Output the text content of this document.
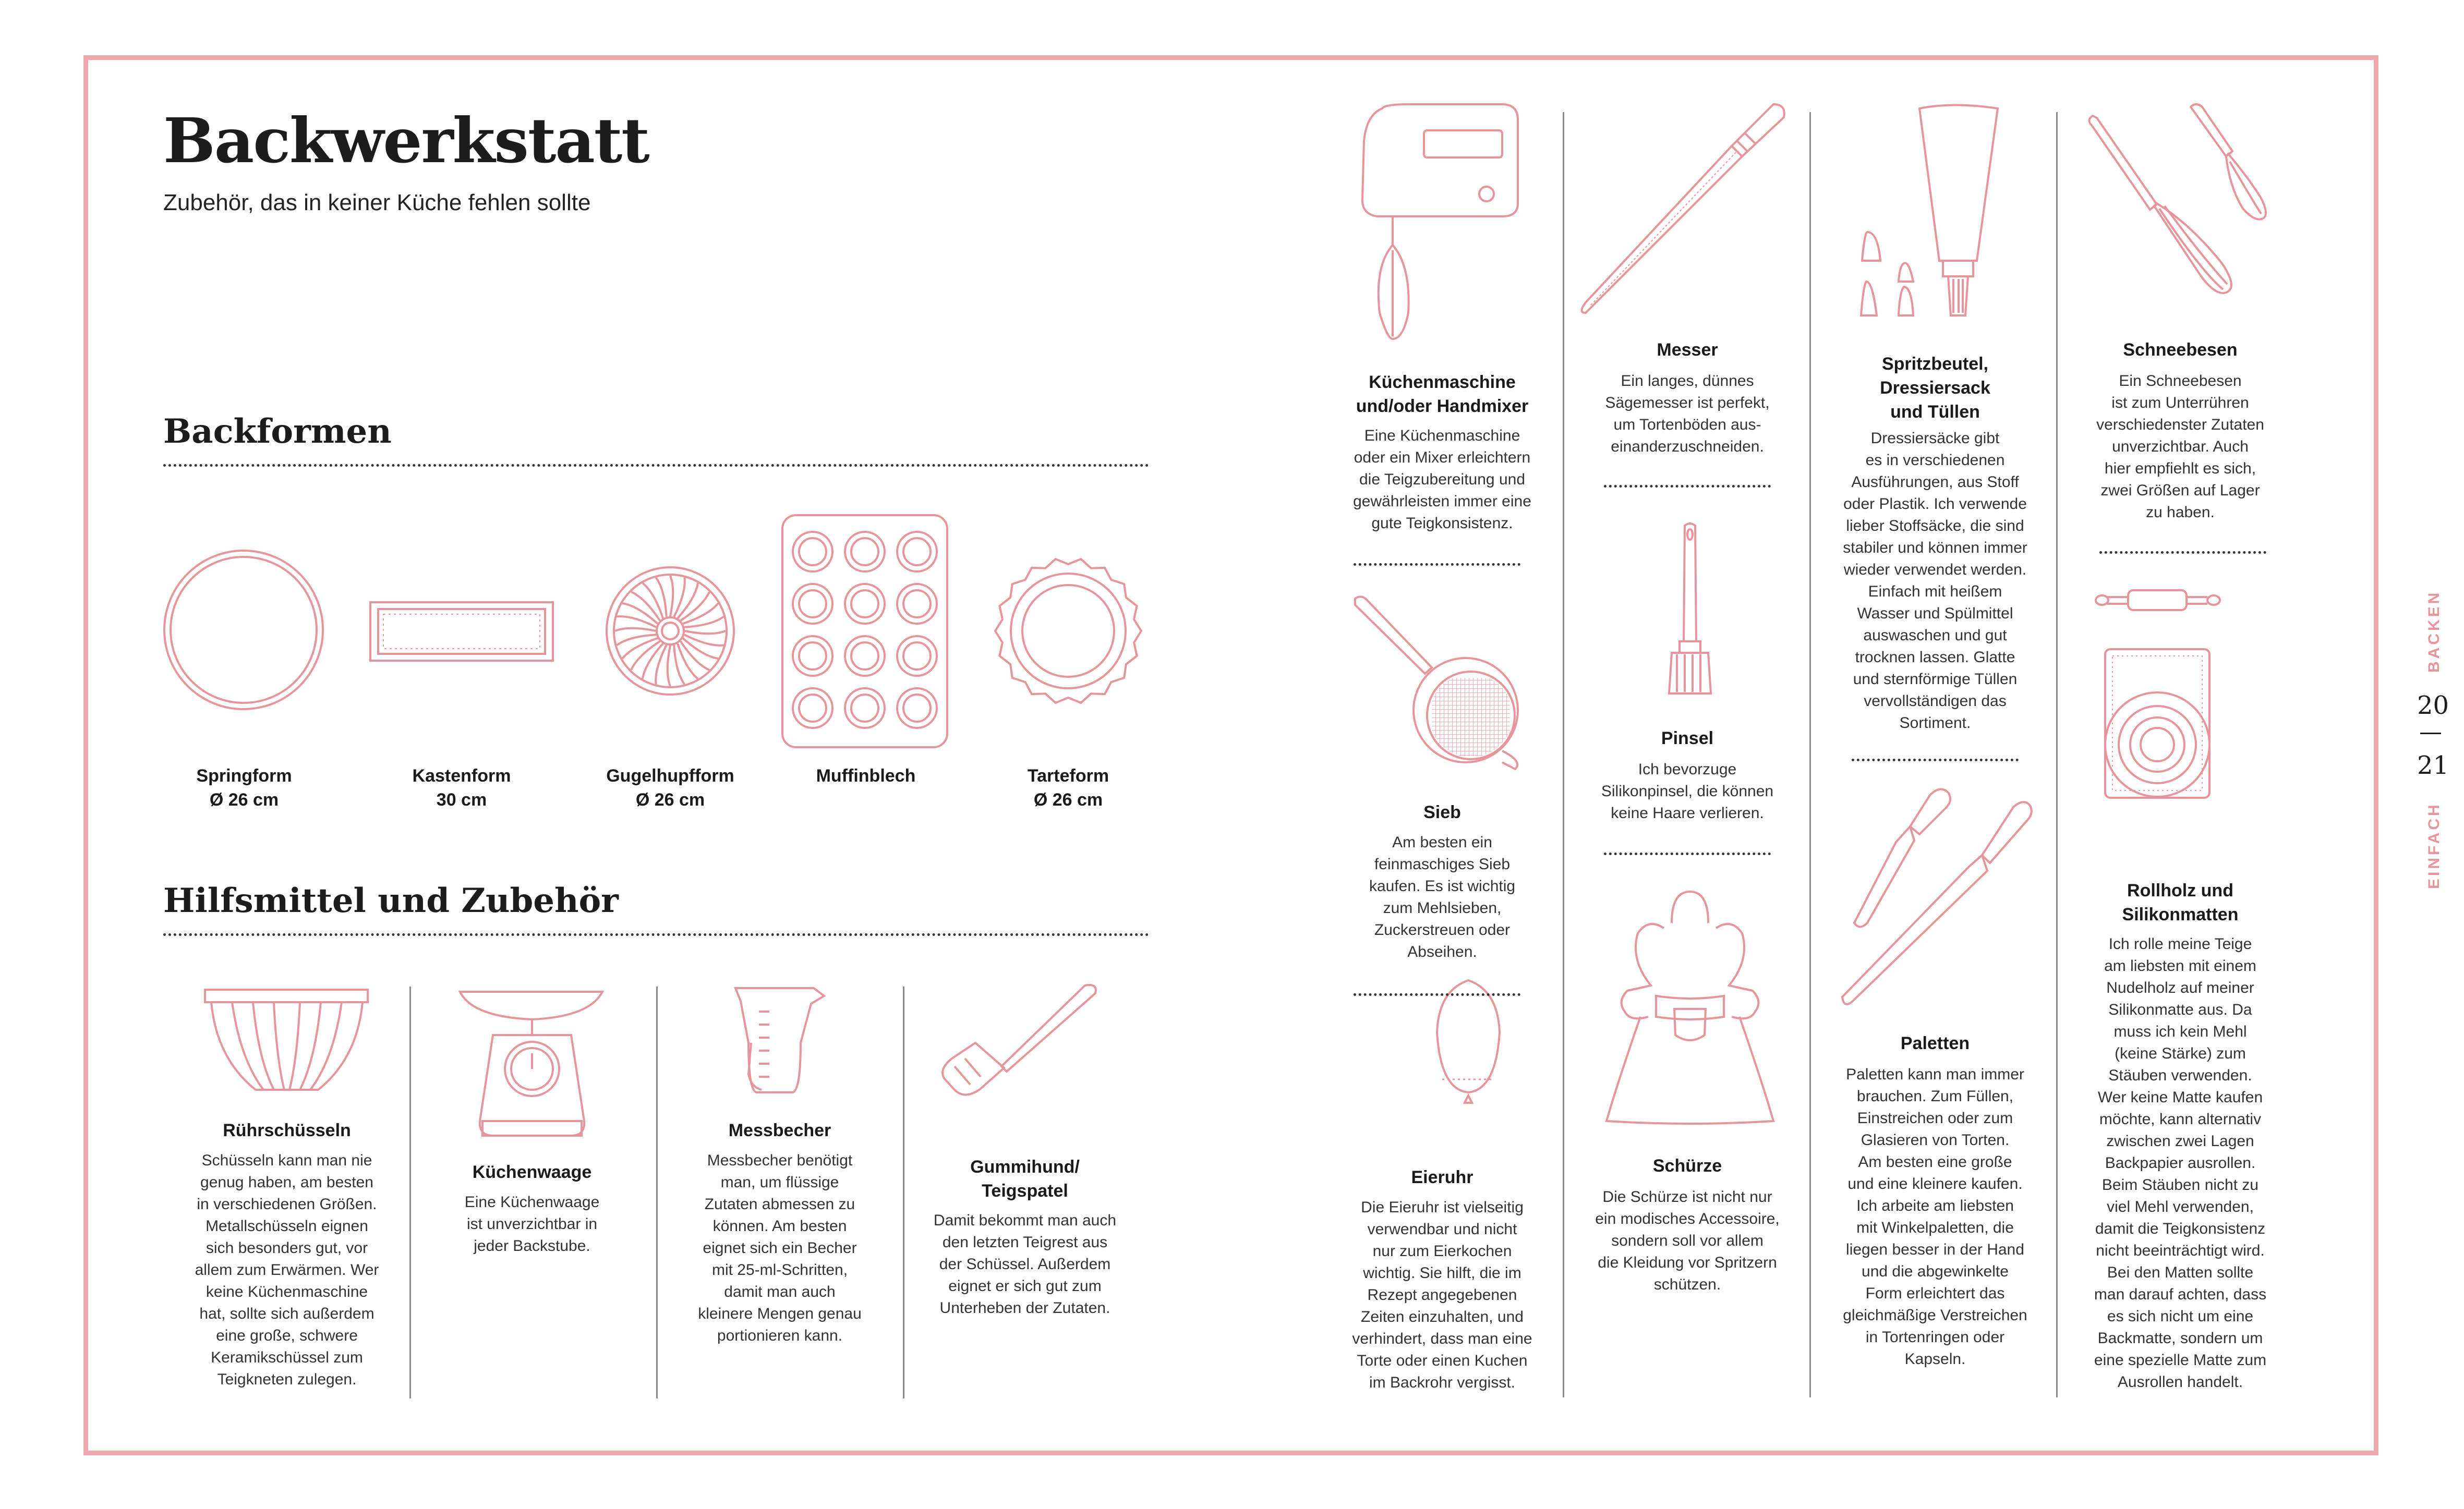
Backwerkstatt
Zubehör, das in keiner Küche fehlen sollte
Backformen
Springform
Ø 26 cm
Kastenform
30 cm
Gugelhupfform
Ø 26 cm
Muffinblech	Tarteform
Ø 26 cm
Hilfsmittel und Zubehör
Rührschüsseln
Schüsseln kann man nie
genug haben, am besten
in verschiedenen Größen.
Metallschüsseln eignen
sich besonders gut, vor
allem zum Erwärmen. Wer
keine Küchenmaschine
hat, sollte sich außerdem
eine große, schwere
Keramikschüssel zum
Teigkneten zulegen.
Küchenwaage
Eine Küchenwaage
ist unverzichtbar in
jeder Backstube.
Messbecher
Messbecher benötigt
man, um flüssige
Zutaten abmessen zu
können. Am besten
eignet sich ein Becher
mit 25-ml-Schritten,
damit man auch
kleinere Mengen genau
portionieren kann.
Gummihund/
Teigspatel
Damit bekommt man auch
den letzten Teigrest aus
der Schüssel. Außerdem
eignet er sich gut zum
Unterheben der Zutaten.
Küchenmaschine
und/oder Handmixer
Eine Küchenmaschine
oder ein Mixer erleichtern
die Teigzubereitung und
gewährleisten immer eine
gute Teigkonsistenz.
Sieb
Am besten ein
feinmaschiges Sieb
kaufen. Es ist wichtig
zum Mehlsieben,
Zuckerstreuen oder
Abseihen.
Eieruhr
Die Eieruhr ist vielseitig
verwendbar und nicht
nur zum Eierkochen
wichtig. Sie hilft, die im
Rezept angegebenen
Zeiten einzuhalten, und
verhindert, dass man eine
Torte oder einen Kuchen
im Backrohr vergisst.
Messer
Ein langes, dünnes
Sägemesser ist perfekt,
um Tortenböden aus-
einanderzuschneiden.
Pinsel
Ich bevorzuge
Silikonpinsel, die können
keine Haare verlieren.
Schürze
Die Schürze ist nicht nur
ein modisches Accessoire,
sondern soll vor allem
die Kleidung vor Spritzern
schützen.
Spritzbeutel,
Dressiersack
und Tüllen
Dressiersäcke gibt
es in verschiedenen
Ausführungen, aus Stoff
oder Plastik. Ich verwende
lieber Stoffsäcke, die sind
stabiler und können immer
wieder verwendet werden.
Einfach mit heißem
Wasser und Spülmittel
auswaschen und gut
trocknen lassen. Glatte
und sternförmige Tüllen
vervollständigen das
Sortiment.
Paletten
Paletten kann man immer
brauchen. Zum Füllen,
Einstreichen oder zum
Glasieren von Torten.
Am besten eine große
und eine kleinere kaufen.
Ich arbeite am liebsten
mit Winkelpaletten, die
liegen besser in der Hand
und die abgewinkelte
Form erleichtert das
gleichmäßige Verstreichen
in Tortenringen oder
Kapseln.
Schneebesen
Ein Schneebesen
ist zum Unterrühren
verschiedenster Zutaten
unverzichtbar. Auch
hier empfiehlt es sich,
zwei Größen auf Lager
zu haben.
Rollholz und
Silikonmatten
Ich rolle meine Teige
am liebsten mit einem
Nudelholz auf meiner
Silikonmatte aus. Da
muss ich kein Mehl
(keine Stärke) zum
Stäuben verwenden.
Wer keine Matte kaufen
möchte, kann alternativ
zwischen zwei Lagen
Backpapier ausrollen.
Beim Stäuben nicht zu
viel Mehl verwenden,
damit die Teigkonsistenz
nicht beeinträchtigt wird.
Bei den Matten sollte
man darauf achten, dass
es sich nicht um eine
Backmatte, sondern um
eine spezielle Matte zum
Ausrollen handelt.
BACKEN
20
21
EINFACH
